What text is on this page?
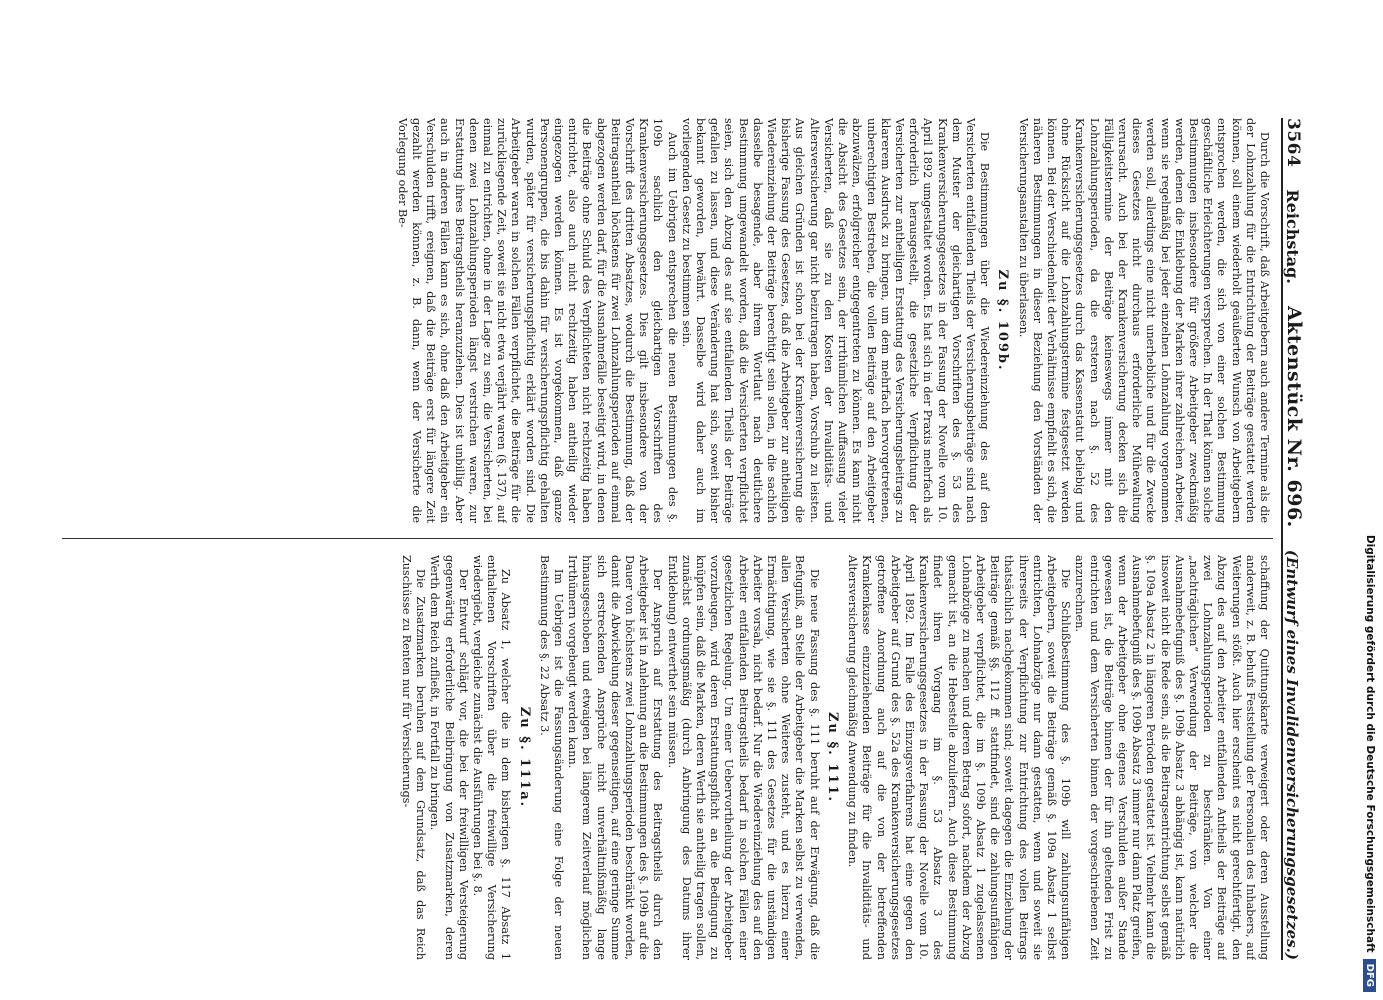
Digitalisierung gefördert durch die Deutsche Forschungsgemeinschaft
DFG
3564
Reichstag.
Aktenstück Nr. 696.
(Entwurf eines Invalidenversicherungsgesetzes.)

Durch die Vorschrift, daß Arbeitgebern auch andere Termine als die der Lohnzahlung für die Entrichtung der Beiträge gestattet werden können, soll einem wiederholt geäußerten Wunsch von Arbeitgebern entsprochen werden, die sich von einer solchen Bestimmung geschäftliche Erleichterungen versprechen. In der That können solche Bestimmungen insbesondere für größere Arbeitgeber zweckmäßig werden, denen die Einklebung der Marken ihrer zahlreichen Arbeiter, wenn sie regelmäßig bei jeder einzelnen Lohnzahlung vorgenommen werden soll, allerdings eine nicht unerhebliche und für die Zwecke dieses Gesetzes nicht durchaus erforderliche Mühewaltung verursacht. Auch bei der Krankenversicherung decken sich die Fälligkeitstermine der Beiträge keineswegs immer mit den Lohnzahlungsperioden, da die ersteren nach §. 52 des Krankenversicherungsgesetzes durch das Kassenstatut beliebig und ohne Rücksicht auf die Lohnzahlungstermine festgesetzt werden können. Bei der Verschiedenheit der Verhältnisse empfiehlt es sich, die näheren Bestimmungen in dieser Beziehung den Vorständen der Versicherungsanstalten zu überlassen.

Zu §. 109b.

Die Bestimmungen über die Wiedereinziehung des auf den Versicherten entfallenden Theils der Versicherungsbeiträge sind nach dem Muster der gleichartigen Vorschriften des §. 53 des Krankenversicherungsgesetzes in der Fassung der Novelle vom 10. April 1892 umgestaltet worden. Es hat sich in der Praxis mehrfach als erforderlich herausgestellt, die gesetzliche Verpflichtung der Versicherten zur antheiligen Erstattung des Versicherungsbeitrags zu klarerem Ausdruck zu bringen, um dem mehrfach hervorgetretenen, unberechtigten Bestreben, die vollen Beiträge auf den Arbeitgeber abzuwälzen, erfolgreicher entgegentreten zu können. Es kann nicht die Absicht des Gesetzes sein, der irrthümlichen Auffassung vieler Versicherten, daß sie zu den Kosten der Invaliditäts- und Altersversicherung gar nicht beizutragen haben, Vorschub zu leisten. Aus gleichen Gründen ist schon bei der Krankenversicherung die bisherige Fassung des Gesetzes, daß die Arbeitgeber zur antheiligen Wiedereinziehung der Beiträge berechtigt sein sollen, in die sachlich dasselbe besagende, aber ihrem Wortlaut nach deutlichere Bestimmung umgewandelt worden, daß die Versicherten verpflichtet seien, sich den Abzug des auf sie entfallenden Theils der Beiträge gefallen zu lassen, und diese Veränderung hat sich, soweit bisher bekannt geworden, bewährt. Dasselbe wird daher auch im vorliegenden Gesetz zu bestimmen sein.

Auch im Uebrigen entsprechen die neuen Bestimmungen des §. 109b sachlich den gleichartigen Vorschriften des Krankenversicherungsgesetzes. Dies gilt insbesondere von der Vorschrift des dritten Absatzes, wodurch die Bestimmung, daß der Beitragsantheil höchstens für zwei Lohnzahlungsperioden auf einmal abgezogen werden darf, für die Ausnahmefälle beseitigt wird, in denen die Beiträge ohne Schuld des Verpflichteten nicht rechtzeitig haben entrichtet, also auch nicht rechtzeitig haben antheilig wieder eingezogen werden können. Es ist vorgekommen, daß ganze Personengruppen, die bis dahin für versicherungspflichtig gehalten wurden, später für versicherungspflichtig erklärt worden sind. Die Arbeitgeber waren in solchen Fällen verpflichtet, die Beiträge für die zurückliegende Zeit, soweit sie nicht etwa verjährt waren (§. 137), auf einmal zu entrichten, ohne in der Lage zu sein, die Versicherten, bei denen zwei Lohnzahlungsperioden längst verstrichen waren, zur Erstattung ihres Beitragstheils heranzuziehen. Dies ist unbillig. Aber auch in anderen Fällen kann es sich, ohne daß den Arbeitgeber ein Verschulden trifft, ereignen, daß die Beiträge erst für längere Zeit gezahlt werden können, z. B. dann, wenn der Versicherte die Vorlegung oder Be-

schaffung der Quittungskarte verweigert oder deren Ausstellung anderweit, z. B. behufs Feststellung der Personalien des Inhabers, auf Weiterungen stößt. Auch hier erscheint es nicht gerechtfertigt, den Abzug des auf den Arbeiter entfallenden Antheils der Beiträge auf zwei Lohnzahlungsperioden zu beschränken. Von einer „nachträglichen“ Verwendung der Beiträge, von welcher die Ausnahmebefugniß des §. 109b Absatz 3 abhängig ist, kann natürlich insoweit nicht die Rede sein, als die Beitragsentrichtung selbst gemäß §. 109a Absatz 2 in längeren Perioden gestattet ist. Vielmehr kann die Ausnahmebefugniß des §. 109b Absatz 3 immer nur dann Platz greifen, wenn der Arbeitgeber ohne eigenes Verschulden außer Stande gewesen ist, die Beiträge binnen der für ihn geltenden Frist zu entrichten und dem Versicherten binnen der vorgeschriebenen Zeit anzurechnen.

Die Schlußbestimmung des §. 109b will zahlungsunfähigen Arbeitgebern, soweit die Beiträge gemäß §. 109a Absatz 1 selbst entrichten, Lohnabzüge nur dann gestatten, wenn und soweit sie ihrerseits der Verpflichtung zur Entrichtung des vollen Beitrags thatsächlich nachgekommen sind; soweit dagegen die Einziehung der Beiträge gemäß §§. 112 ff. stattfindet, sind die zahlungsunfähigen Arbeitgeber verpflichtet, die im §. 109b Absatz 1 zugelassenen Lohnabzüge zu machen und deren Betrag sofort, nachdem der Abzug gemacht ist, an die Hebestelle abzuliefern. Auch diese Bestimmung findet ihren Vorgang im §. 53 Absatz 3 des Krankenversicherungsgesetzes in der Fassung der Novelle vom 10. April 1892. Im Falle des Einzugsverfahrens hat eine gegen den Arbeitgeber auf Grund des §. 52a des Krankenversicherungsgesetzes getroffene Anordnung auch auf die von der betreffenden Krankenkasse einzuziehenden Beiträge für die Invaliditäts- und Altersversicherung gleichmäßig Anwendung zu finden.

Zu §. 111.

Die neue Fassung des §. 111 beruht auf der Erwägung, daß die Befugniß, an Stelle der Arbeitgeber die Marken selbst zu verwenden, allen Versicherten ohne Weiteres zusteht, und es hierzu einer Ermächtigung, wie sie §. 111 des Gesetzes für die unständigen Arbeiter vorsah, nicht bedarf. Nur die Wiedereinziehung des auf den Arbeiter entfallenden Beitragstheils bedarf in solchen Fällen einer gesetzlichen Regelung. Um einer Uebervortheilung der Arbeitgeber vorzubeugen, wird deren Erstattungspflicht an die Bedingung zu knüpfen sein, daß die Marken, deren Werth sie antheilig tragen sollen, zunächst ordnungsmäßig (durch Anbringung des Datums ihrer Entklebung) entwerthet sein müssen.

Der Anspruch auf Erstattung des Beitragstheils durch den Arbeitgeber ist in Anlehnung an die Bestimmungen des §. 109b auf die Dauer von höchstens zwei Lohnzahlungsperioden beschränkt worden, damit die Abwickelung dieser gegenseitigen, auf eine geringe Summe sich erstreckenden Ansprüche nicht unverhältnißmäßig lange hinausgeschoben und etwaigen bei längerem Zeitverlauf möglichen Irrthümern vorgebeugt werden kann.

Im Uebrigen ist die Fassungsänderung eine Folge der neuen Bestimmung des §. 22 Absatz 3.

Zu §. 111a.

Zu Absatz 1, welcher die in dem bisherigen §. 117 Absatz 1 enthaltenen Vorschriften über die freiwillige Versicherung wiedergiebt, vergleiche zunächst die Ausführungen bei §. 8.

Der Entwurf schlägt vor, die bei der freiwilligen Versteigerung gegenwärtig erforderliche Beibringung von Zusatzmarken, deren Werth dem Reich zufließt, in Fortfall zu bringen.

Die Zusatzmarken beruhen auf dem Grundsatz, daß das Reich Zuschüsse zu Renten nur für Versicherungs-
